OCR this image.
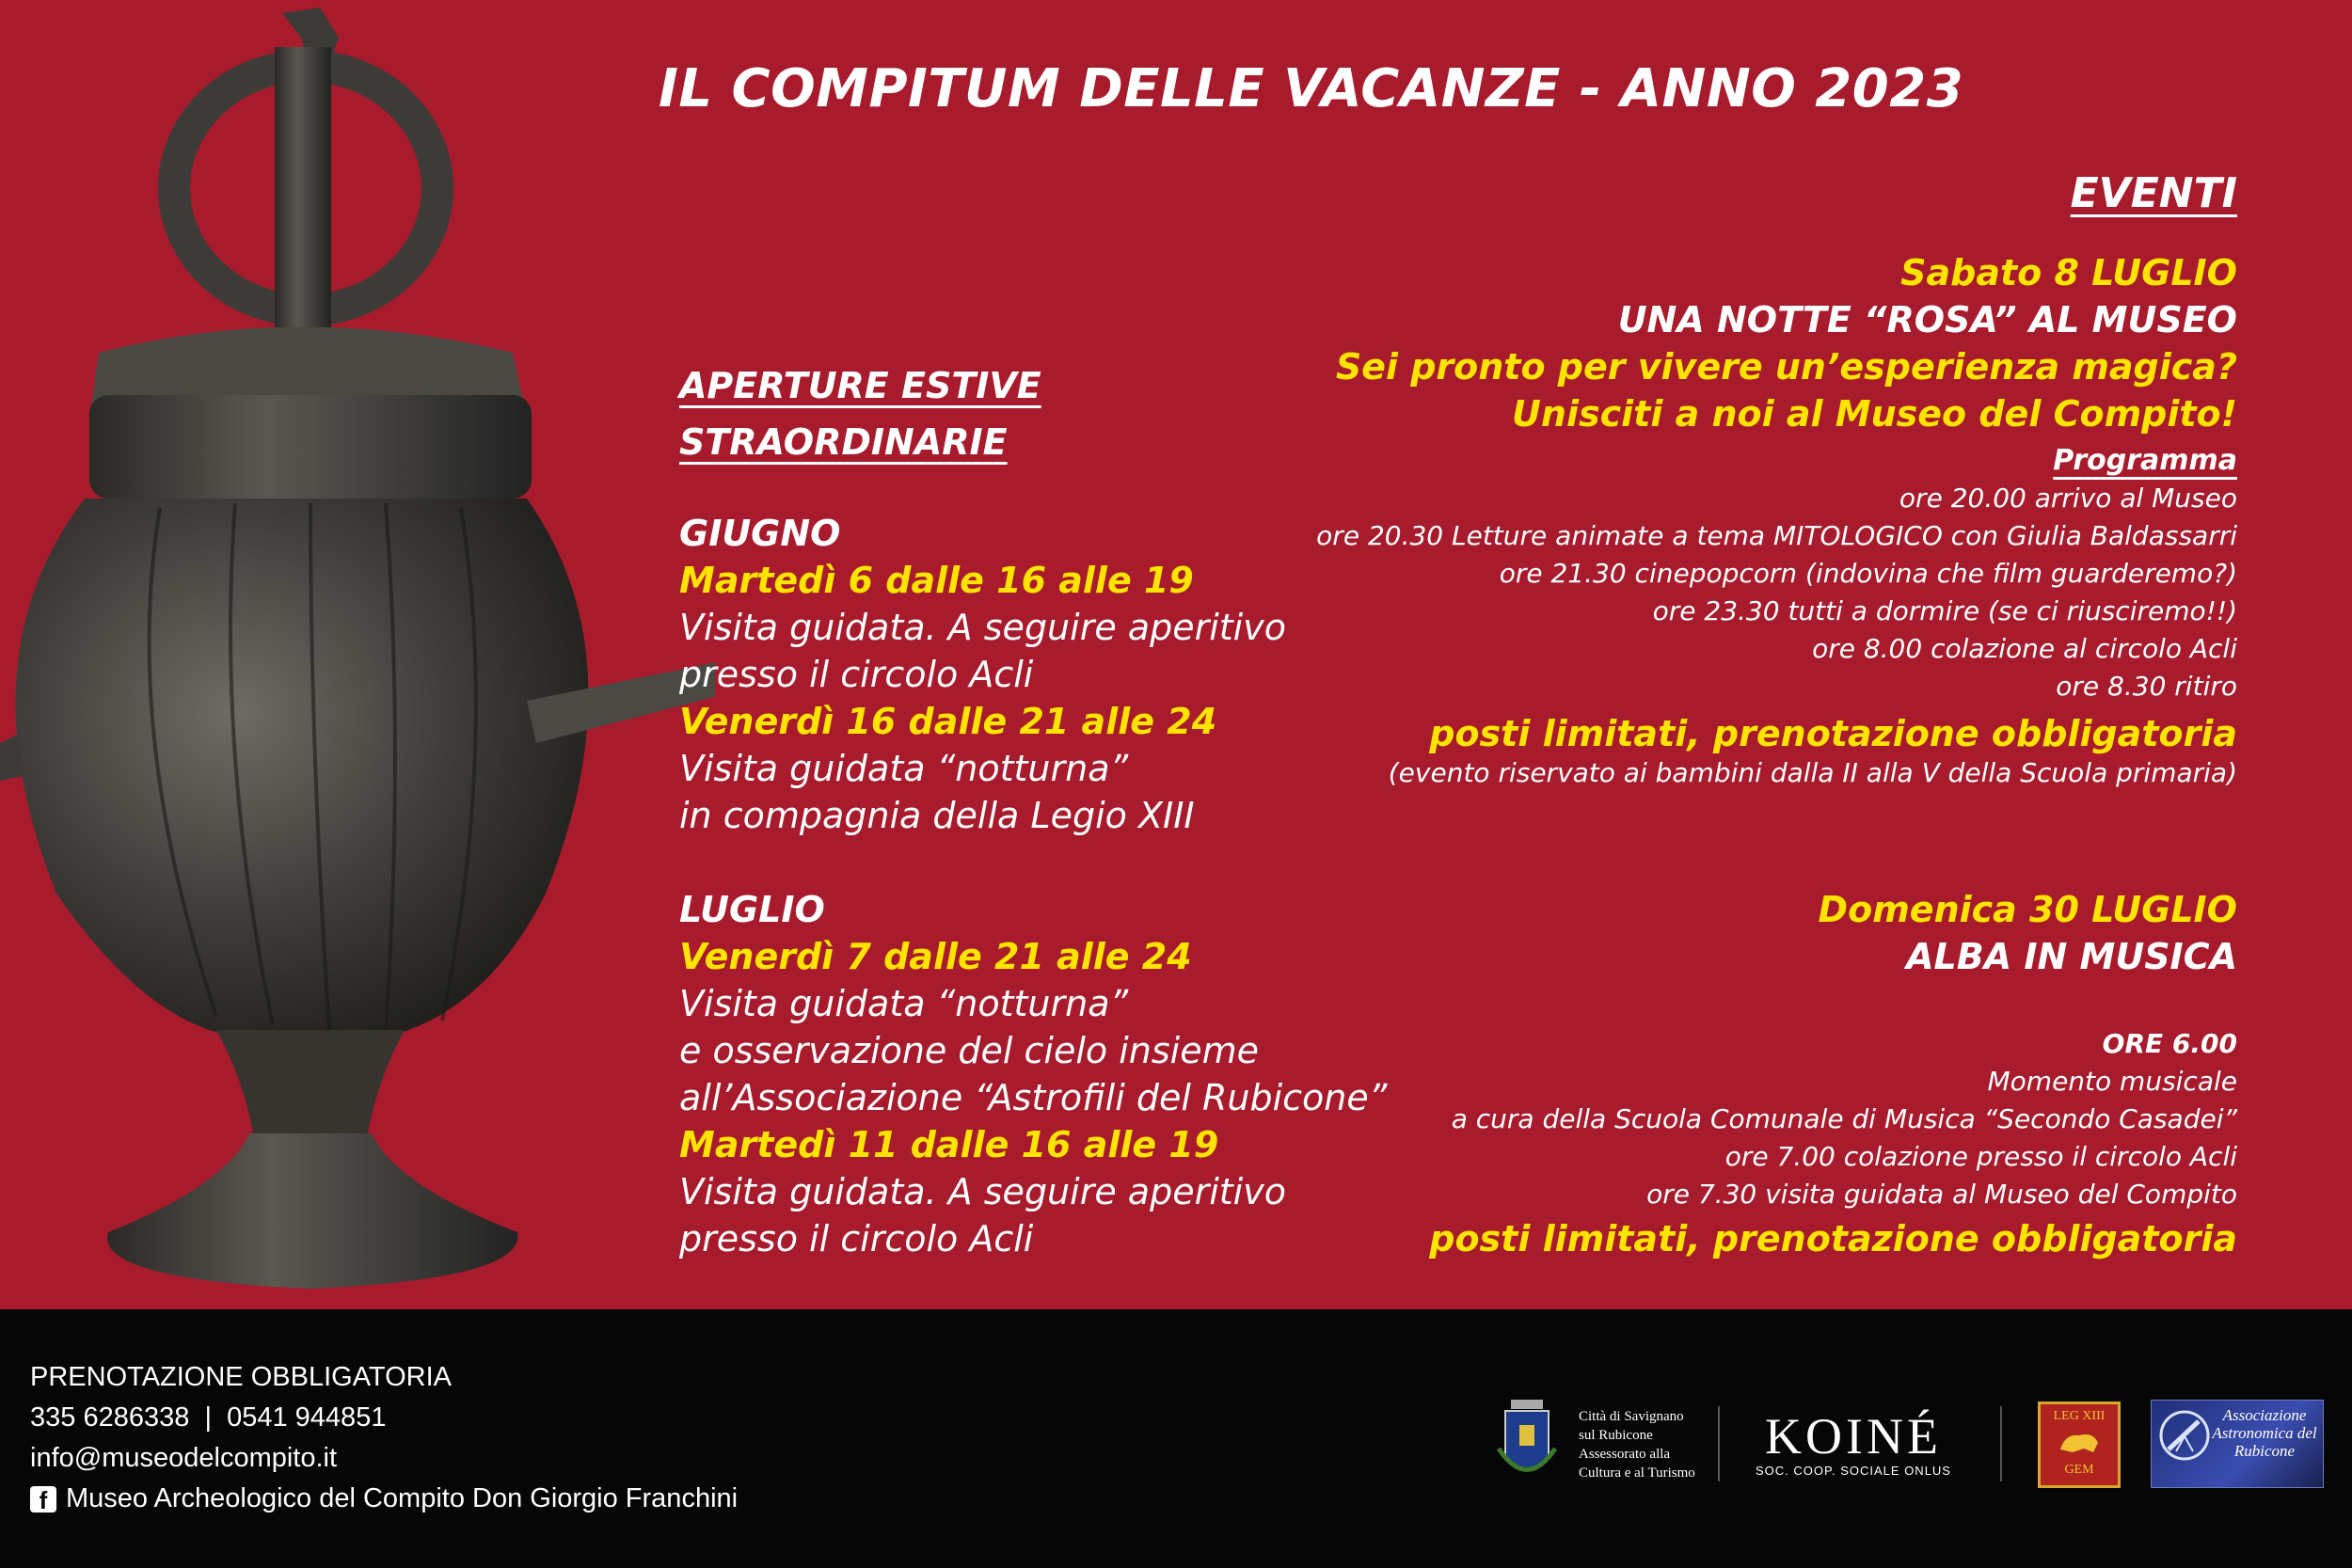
IL COMPITUM DELLE VACANZE - ANNO 2023
APERTURE ESTIVE
STRAORDINARIE
GIUGNO
Martedì 6 dalle 16 alle 19
Visita guidata. A seguire aperitivo
presso il circolo Acli
Venerdì 16 dalle 21 alle 24
Visita guidata “notturna”
in compagnia della Legio XIII
LUGLIO
Venerdì 7 dalle 21 alle 24
Visita guidata “notturna”
e osservazione del cielo insieme
all’Associazione “Astrofili del Rubicone”
Martedì 11 dalle 16 alle 19
Visita guidata. A seguire aperitivo
presso il circolo Acli
EVENTI
Sabato 8 LUGLIO
UNA NOTTE “ROSA” AL MUSEO
Sei pronto per vivere un’esperienza magica?
Unisciti a noi al Museo del Compito!
Programma
ore 20.00 arrivo al Museo
ore 20.30 Letture animate a tema MITOLOGICO con Giulia Baldassarri
ore 21.30 cinepopcorn (indovina che film guarderemo?)
ore 23.30 tutti a dormire (se ci riusciremo!!)
ore 8.00 colazione al circolo Acli
ore 8.30 ritiro
posti limitati, prenotazione obbligatoria
(evento riservato ai bambini dalla II alla V della Scuola primaria)
Domenica 30 LUGLIO
ALBA IN MUSICA
ORE 6.00
Momento musicale
a cura della Scuola Comunale di Musica “Secondo Casadei”
ore 7.00 colazione presso il circolo Acli
ore 7.30 visita guidata al Museo del Compito
posti limitati, prenotazione obbligatoria
PRENOTAZIONE OBBLIGATORIA
335 6286338  |  0541 944851
info@museodelcompito.it
f Museo Archeologico del Compito Don Giorgio Franchini
Città di Savignano
sul Rubicone
Assessorato alla
Cultura e al Turismo
KOINÉ
SOC. COOP. SOCIALE ONLUS
LEG XIII
GEM
Associazione
Astronomica del
Rubicone
